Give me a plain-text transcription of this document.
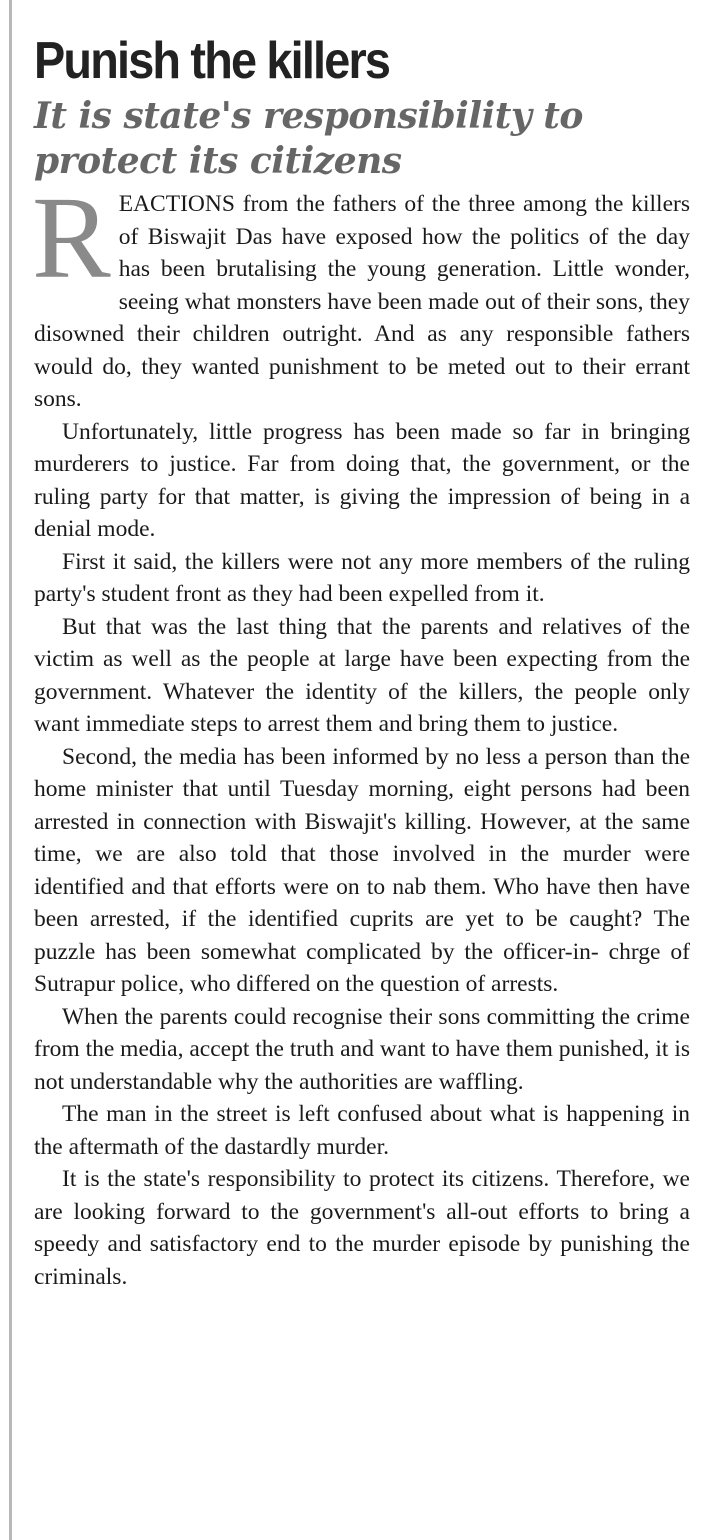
Punish the killers
It is state's responsibility to protect its citizens

REACTIONS from the fathers of the three among the killers of Biswajit Das have exposed how the politics of the day has been brutalising the young generation. Little wonder, seeing what monsters have been made out of their sons, they disowned their children outright. And as any responsible fathers would do, they wanted punishment to be meted out to their errant sons.

Unfortunately, little progress has been made so far in bringing murderers to justice. Far from doing that, the government, or the ruling party for that matter, is giving the impression of being in a denial mode.

First it said, the killers were not any more members of the ruling party's student front as they had been expelled from it.

But that was the last thing that the parents and relatives of the victim as well as the people at large have been expecting from the government. Whatever the identity of the killers, the people only want immediate steps to arrest them and bring them to justice.

Second, the media has been informed by no less a person than the home minister that until Tuesday morning, eight persons had been arrested in connection with Biswajit's killing. However, at the same time, we are also told that those involved in the murder were identified and that efforts were on to nab them. Who have then have been arrested, if the identified cuprits are yet to be caught? The puzzle has been somewhat complicated by the officer-in- chrge of Sutrapur police, who differed on the question of arrests.

When the parents could recognise their sons committing the crime from the media, accept the truth and want to have them punished, it is not understandable why the authorities are waffling.

The man in the street is left confused about what is happening in the aftermath of the dastardly murder.

It is the state's responsibility to protect its citizens. Therefore, we are looking forward to the government's all-out efforts to bring a speedy and satisfactory end to the murder episode by punishing the criminals.
